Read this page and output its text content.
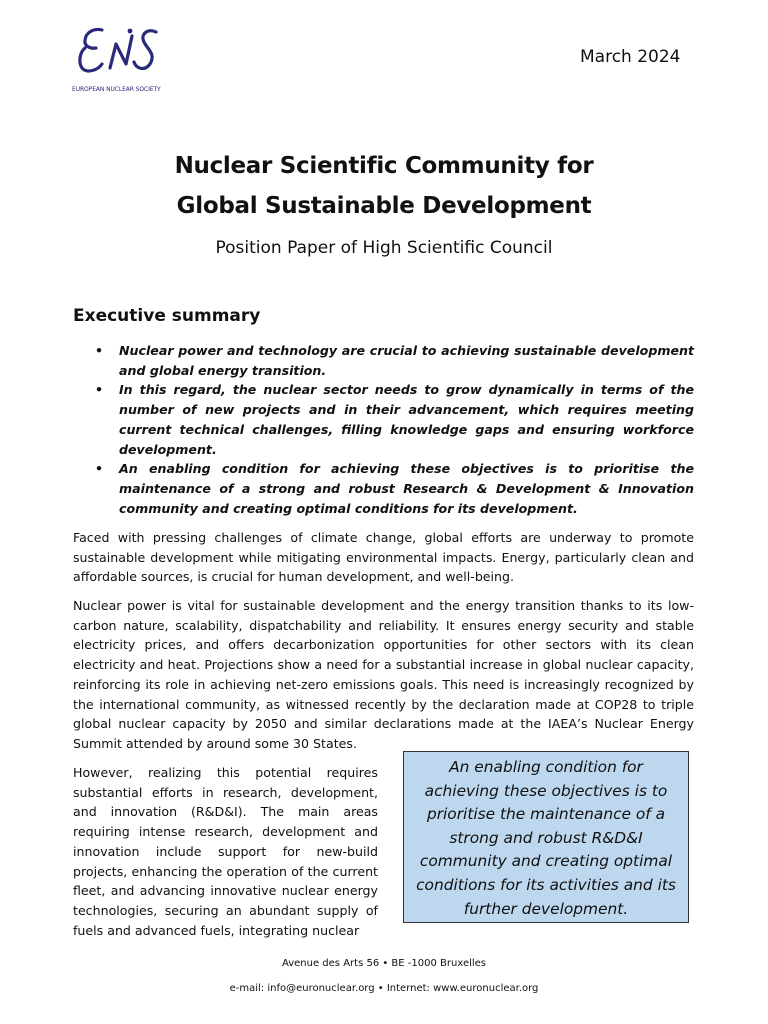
EUROPEAN NUCLEAR SOCIETY
March 2024
Nuclear Scientific Community for
Global Sustainable Development
Position Paper of High Scientific Council
Executive summary
• Nuclear power and technology are crucial to achieving sustainable development and global energy transition.
• In this regard, the nuclear sector needs to grow dynamically in terms of the number of new projects and in their advancement, which requires meeting current technical challenges, filling knowledge gaps and ensuring workforce development.
• An enabling condition for achieving these objectives is to prioritise the maintenance of a strong and robust Research & Development & Innovation community and creating optimal conditions for its development.

Faced with pressing challenges of climate change, global efforts are underway to promote sustainable development while mitigating environmental impacts. Energy, particularly clean and affordable sources, is crucial for human development, and well-being.

Nuclear power is vital for sustainable development and the energy transition thanks to its low-carbon nature, scalability, dispatchability and reliability. It ensures energy security and stable electricity prices, and offers decarbonization opportunities for other sectors with its clean electricity and heat. Projections show a need for a substantial increase in global nuclear capacity, reinforcing its role in achieving net-zero emissions goals. This need is increasingly recognized by the international community, as witnessed recently by the declaration made at COP28 to triple global nuclear capacity by 2050 and similar declarations made at the IAEA’s Nuclear Energy Summit attended by around some 30 States.

However, realizing this potential requires substantial efforts in research, development, and innovation (R&D&I). The main areas requiring intense research, development and innovation include support for new-build projects, enhancing the operation of the current fleet, and advancing innovative nuclear energy technologies, securing an abundant supply of fuels and advanced fuels, integrating nuclear

An enabling condition for achieving these objectives is to prioritise the maintenance of a strong and robust R&D&I community and creating optimal conditions for its activities and its further development.
Avenue des Arts 56 • BE -1000 Bruxelles
e-mail: info@euronuclear.org • Internet: www.euronuclear.org
